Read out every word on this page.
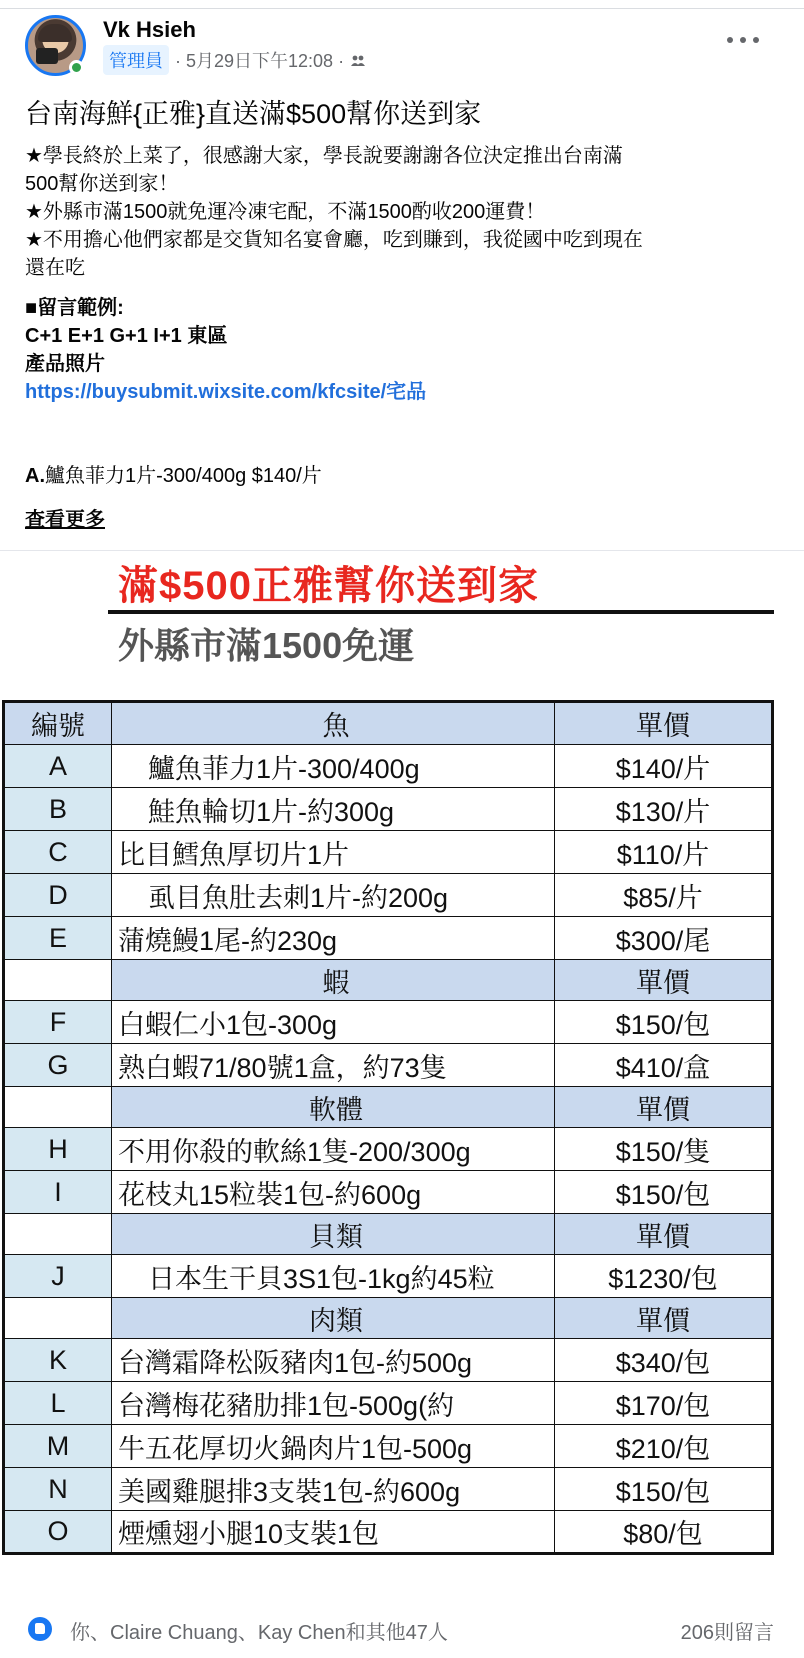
Vk Hsieh
管理員 · 5月29日下午12:08 ·
台南海鮮{正雅}直送滿$500幫你送到家

★學長終於上菜了，很感謝大家，學長說要謝謝各位決定推出台南滿

500幫你送到家！

★外縣市滿1500就免運冷凍宅配，不滿1500酌收200運費！

★不用擔心他們家都是交貨知名宴會廳，吃到賺到，我從國中吃到現在

還在吃

■留言範例:

C+1 E+1 G+1 I+1 東區

產品照片

https://buysubmit.wixsite.com/kfcsite/宅品

A.鱸魚菲力1片-300/400g $140/片

查看更多
滿$500正雅幫你送到家
外縣市滿1500免運
編號	魚	單價
A	鱸魚菲力1片-300/400g	$140/片
B	鮭魚輪切1片-約300g	$130/片
C	比目鱈魚厚切片1片	$110/片
D	虱目魚肚去刺1片-約200g	$85/片
E	蒲燒鰻1尾-約230g	$300/尾
	蝦	單價
F	白蝦仁小1包-300g	$150/包
G	熟白蝦71/80號1盒，約73隻	$410/盒
	軟體	單價
H	不用你殺的軟絲1隻-200/300g	$150/隻
I	花枝丸15粒裝1包-約600g	$150/包
	貝類	單價
J	日本生干貝3S1包-1kg約45粒	$1230/包
	肉類	單價
K	台灣霜降松阪豬肉1包-約500g	$340/包
L	台灣梅花豬肋排1包-500g(約	$170/包
M	牛五花厚切火鍋肉片1包-500g	$210/包
N	美國雞腿排3支裝1包-約600g	$150/包
O	煙燻翅小腿10支裝1包	$80/包
你、Claire Chuang、Kay Chen和其他47人	206則留言
